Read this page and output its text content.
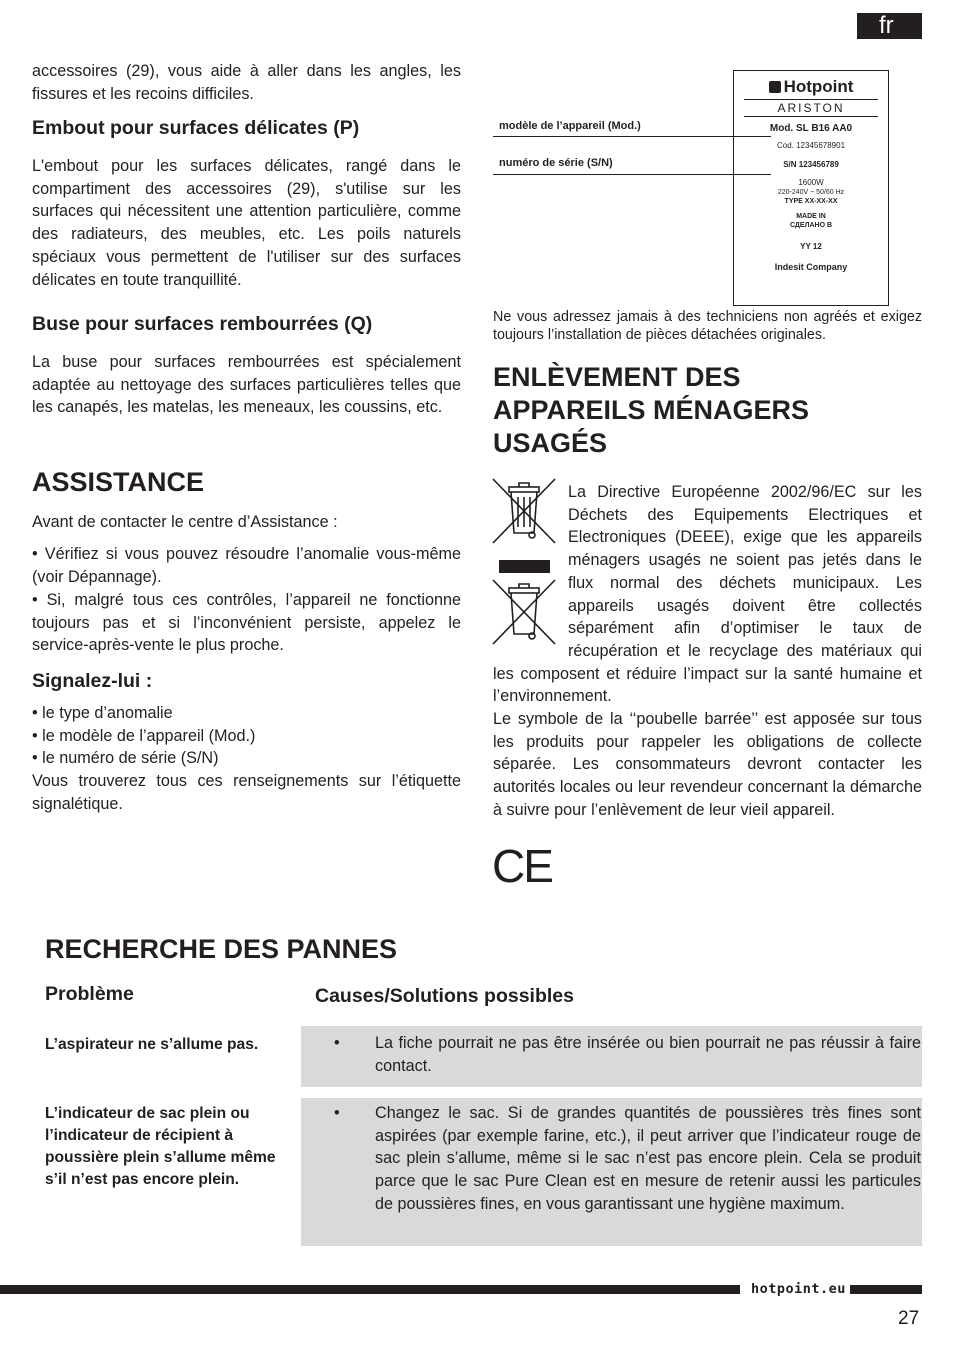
fr

accessoires (29), vous aide à aller dans les angles, les fissures et les recoins difficiles.

Embout pour surfaces délicates (P)

L'embout pour les surfaces délicates, rangé dans le compartiment des accessoires (29), s'utilise sur les surfaces qui nécessitent une attention particulière, comme des radiateurs, des meubles, etc. Les poils naturels spéciaux vous permettent de l'utiliser sur des surfaces délicates en toute tranquillité.

Buse pour surfaces rembourrées (Q)

La buse pour surfaces rembourrées est spécialement adaptée au nettoyage des surfaces particulières telles que les canapés, les matelas, les meneaux, les coussins, etc.

ASSISTANCE

Avant de contacter le centre d’Assistance :

• Vérifiez si vous pouvez résoudre l’anomalie vous-même (voir Dépannage).

• Si, malgré tous ces contrôles, l’appareil ne fonctionne toujours pas et si l’inconvénient persiste, appelez le service-après-vente le plus proche.

Signalez-lui :
• le type d’anomalie
• le modèle de l’appareil (Mod.)
• le numéro de série (S/N)

Vous trouverez tous ces renseignements sur l’étiquette signalétique.

modèle de l’appareil (Mod.)
numéro de série (S/N)
Hotpoint
ARISTON
Mod. SL B16 AA0
Cod. 12345678901
S/N 123456789
1600W
220-240V ~ 50/60 Hz
TYPE XX-XX-XX
MADE IN
СДЕЛАНО В
YY 12
Indesit Company

Ne vous adressez jamais à des techniciens non agréés et exigez toujours l’installation de pièces détachées originales.

ENLÈVEMENT DES
APPAREILS MÉNAGERS
USAGÉS
La Directive Européenne 2002/96/EC sur les Déchets des Equipements Electriques et Electroniques (DEEE), exige que les appareils ménagers usagés ne soient pas jetés dans le flux normal des déchets municipaux. Les appareils usagés doivent être collectés séparément afin d’optimiser le taux de récupération et le recyclage des matériaux qui les composent et réduire l’impact sur la santé humaine et l’environnement.

Le symbole de la ‘‘poubelle barrée’’ est apposée sur tous les produits pour rappeler les obligations de collecte séparée. Les consommateurs devront contacter les autorités locales ou leur revendeur concernant la démarche à suivre pour l’enlèvement de leur vieil appareil.

CE
RECHERCHE DES PANNES
Problème	Causes/Solutions possibles
L’aspirateur ne s’allume pas.	• La fiche pourrait ne pas être insérée ou bien pourrait ne pas réussir à faire contact.

L’indicateur de sac plein ou l’indicateur de récipient à poussière plein s’allume même s’il n’est pas encore plein.
• Changez le sac. Si de grandes quantités de poussières très fines sont aspirées (par exemple farine, etc.), il peut arriver que l’indicateur rouge de sac plein s’allume, même si le sac n’est pas encore plein. Cela se produit parce que le sac Pure Clean est en mesure de retenir aussi les particules de poussières fines, en vous garantissant une hygiène maximum.

hotpoint.eu
27
